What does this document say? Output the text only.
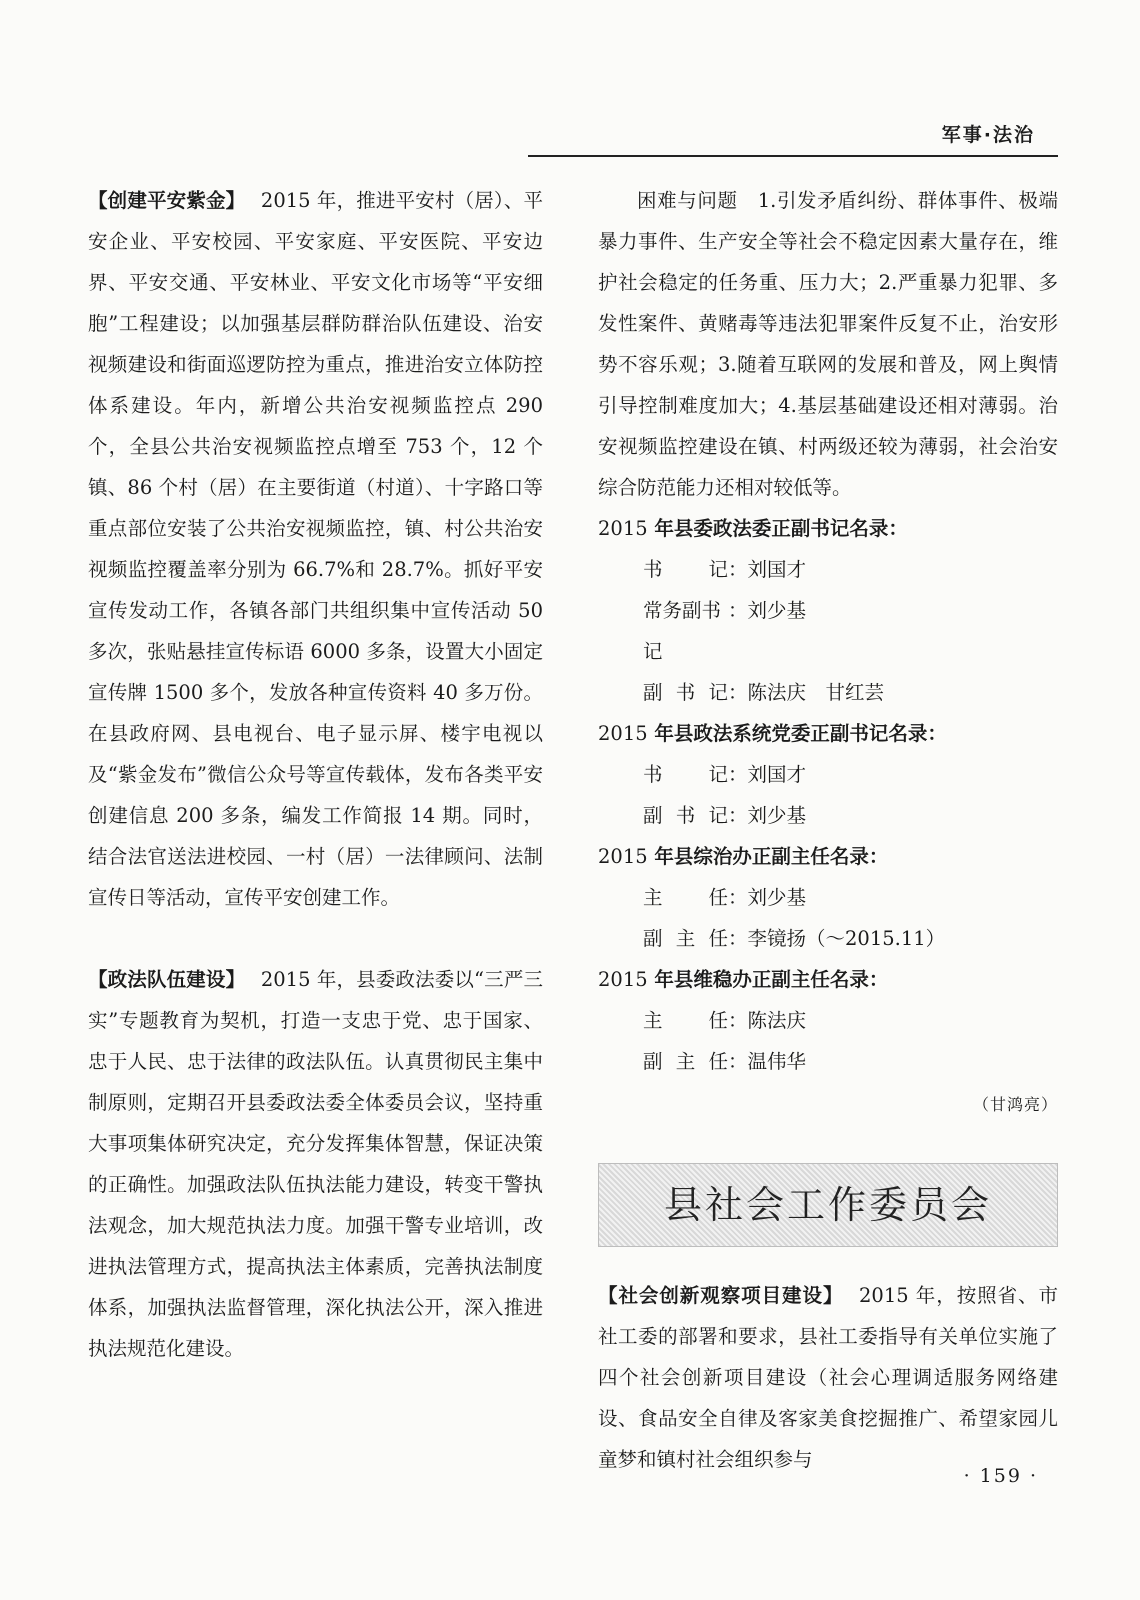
军事·法治

【创建平安紫金】 2015 年，推进平安村（居）、平安企业、平安校园、平安家庭、平安医院、平安边界、平安交通、平安林业、平安文化市场等“平安细胞”工程建设；以加强基层群防群治队伍建设、治安视频建设和街面巡逻防控为重点，推进治安立体防控体系建设。年内，新增公共治安视频监控点 290 个，全县公共治安视频监控点增至 753 个，12 个镇、86 个村（居）在主要街道（村道）、十字路口等重点部位安装了公共治安视频监控，镇、村公共治安视频监控覆盖率分别为 66.7%和 28.7%。抓好平安宣传发动工作，各镇各部门共组织集中宣传活动 50 多次，张贴悬挂宣传标语 6000 多条，设置大小固定宣传牌 1500 多个，发放各种宣传资料 40 多万份。在县政府网、县电视台、电子显示屏、楼宇电视以及“紫金发布”微信公众号等宣传载体，发布各类平安创建信息 200 多条，编发工作简报 14 期。同时，结合法官送法进校园、一村（居）一法律顾问、法制宣传日等活动，宣传平安创建工作。

【政法队伍建设】 2015 年，县委政法委以“三严三实”专题教育为契机，打造一支忠于党、忠于国家、忠于人民、忠于法律的政法队伍。认真贯彻民主集中制原则，定期召开县委政法委全体委员会议，坚持重大事项集体研究决定，充分发挥集体智慧，保证决策的正确性。加强政法队伍执法能力建设，转变干警执法观念，加大规范执法力度。加强干警专业培训，改进执法管理方式，提高执法主体素质，完善执法制度体系，加强执法监督管理，深化执法公开，深入推进执法规范化建设。

困难与问题　1.引发矛盾纠纷、群体事件、极端暴力事件、生产安全等社会不稳定因素大量存在，维护社会稳定的任务重、压力大；2.严重暴力犯罪、多发性案件、黄赌毒等违法犯罪案件反复不止，治安形势不容乐观；3.随着互联网的发展和普及，网上舆情引导控制难度加大；4.基层基础建设还相对薄弱。治安视频监控建设在镇、村两级还较为薄弱，社会治安综合防范能力还相对较低等。

2015 年县委政法委正副书记名录：
书 记 ：刘国才
常务副书记
：刘少基
副 书 记 ：陈法庆　甘红芸
2015 年县政法系统党委正副书记名录：
书 记 ：刘国才
副 书 记 ：刘少基
2015 年县综治办正副主任名录：
主 任 ：刘少基
副 主 任 ：李镜扬（～2015.11）
2015 年县维稳办正副主任名录：
主 任 ：陈法庆
副 主 任 ：温伟华
（甘鸿亮）
县社会工作委员会

【社会创新观察项目建设】 2015 年，按照省、市社工委的部署和要求，县社工委指导有关单位实施了四个社会创新项目建设（社会心理调适服务网络建设、食品安全自律及客家美食挖掘推广、希望家园儿童梦和镇村社会组织参与

· 159 ·
